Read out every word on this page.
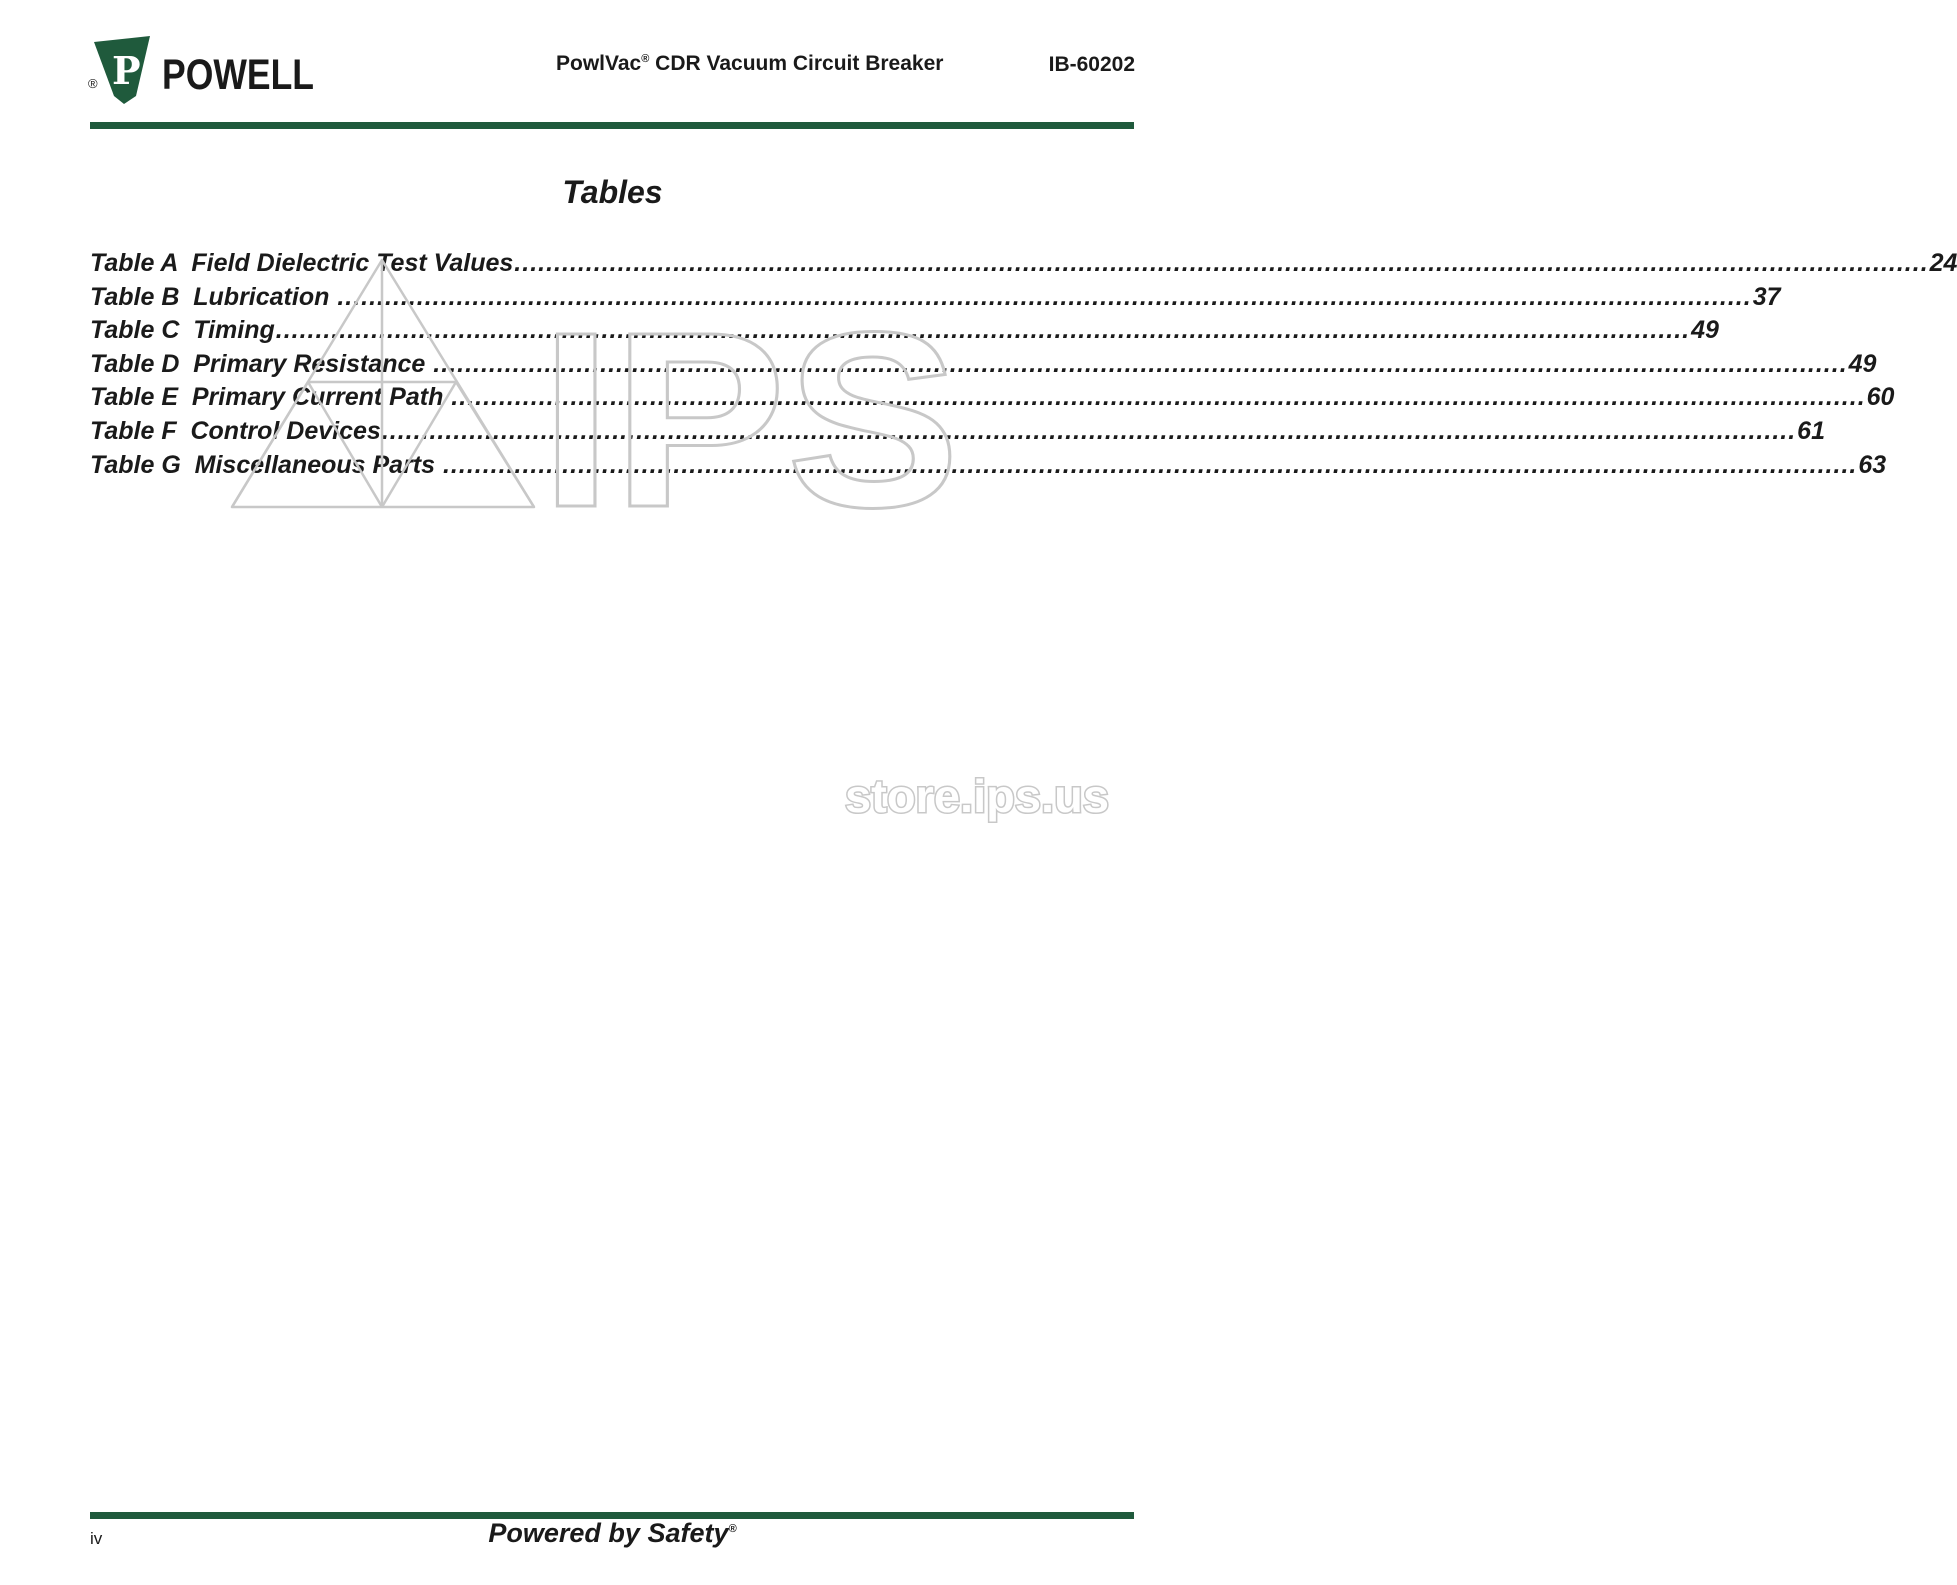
® P POWELL	PowlVac® CDR Vacuum Circuit Breaker	IB-60202
Tables
Table A  Field Dielectric Test Values .....	24
Table B  Lubrication .....	37
Table C  Timing .....	49
Table D  Primary Resistance .....	49
Table E  Primary Current Path .....	60
Table F  Control Devices .....	61
Table G  Miscellaneous Parts .....	63
IPS
store.ips.us
iv	Powered by Safety®
